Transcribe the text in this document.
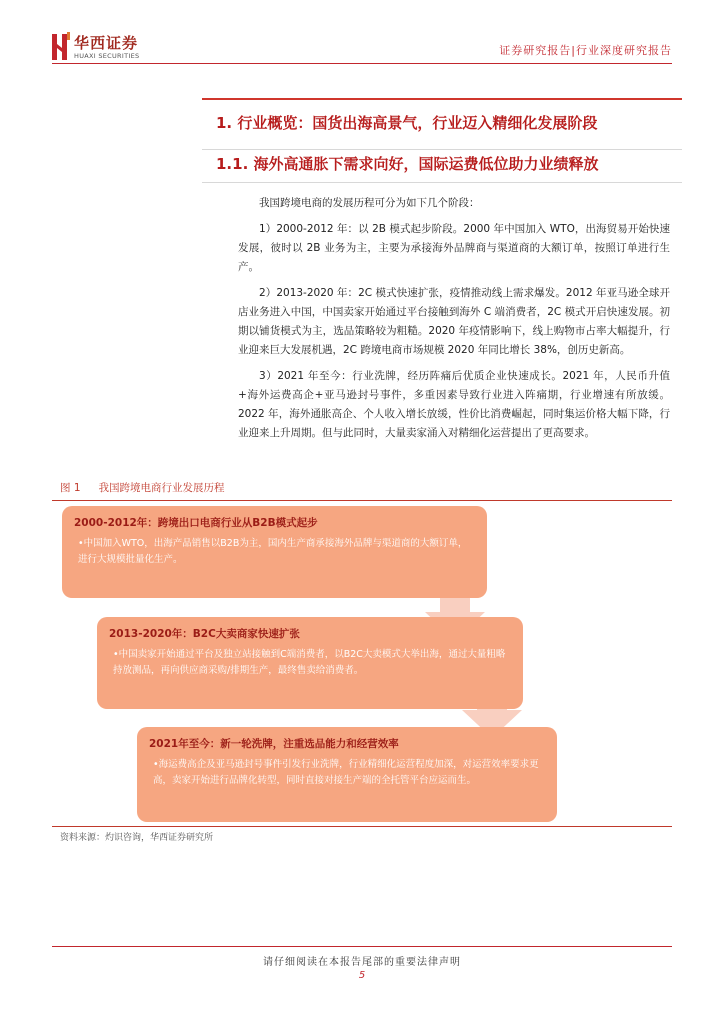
华西证券
HUAXI SECURITIES	证券研究报告|行业深度研究报告
1. 行业概览：国货出海高景气，行业迈入精细化发展阶段
1.1. 海外高通胀下需求向好，国际运费低位助力业绩释放

我国跨境电商的发展历程可分为如下几个阶段：

1）2000-2012 年：以 2B 模式起步阶段。2000 年中国加入 WTO，出海贸易开始快速发展，彼时以 2B 业务为主，主要为承接海外品牌商与渠道商的大额订单，按照订单进行生产。

2）2013-2020 年：2C 模式快速扩张，疫情推动线上需求爆发。2012 年亚马逊全球开店业务进入中国，中国卖家开始通过平台接触到海外 C 端消费者，2C 模式开启快速发展。初期以铺货模式为主，选品策略较为粗糙。2020 年疫情影响下，线上购物市占率大幅提升，行业迎来巨大发展机遇，2C 跨境电商市场规模 2020 年同比增长 38%，创历史新高。

3）2021 年至今：行业洗牌，经历阵痛后优质企业快速成长。2021 年，人民币升值+海外运费高企+亚马逊封号事件，多重因素导致行业进入阵痛期，行业增速有所放缓。2022 年，海外通胀高企、个人收入增长放缓，性价比消费崛起，同时集运价格大幅下降，行业迎来上升周期。但与此同时，大量卖家涌入对精细化运营提出了更高要求。

图 1 我国跨境电商行业发展历程
2000-2012年：跨境出口电商行业从B2B模式起步
•中国加入WTO，出海产品销售以B2B为主，国内生产商承接海外品牌与渠道商的大额订单，进行大规模批量化生产。
2013-2020年：B2C大卖商家快速扩张
•中国卖家开始通过平台及独立站接触到C端消费者，以B2C大卖模式大举出海，通过大量粗略持放测品，再向供应商采购/排期生产，最终售卖给消费者。
2021年至今：新一轮洗牌，注重选品能力和经营效率
•海运费高企及亚马逊封号事件引发行业洗牌，行业精细化运营程度加深，对运营效率要求更高，卖家开始进行品牌化转型，同时直接对接生产端的全托管平台应运而生。
资料来源：灼识咨询，华西证券研究所
请仔细阅读在本报告尾部的重要法律声明
5
